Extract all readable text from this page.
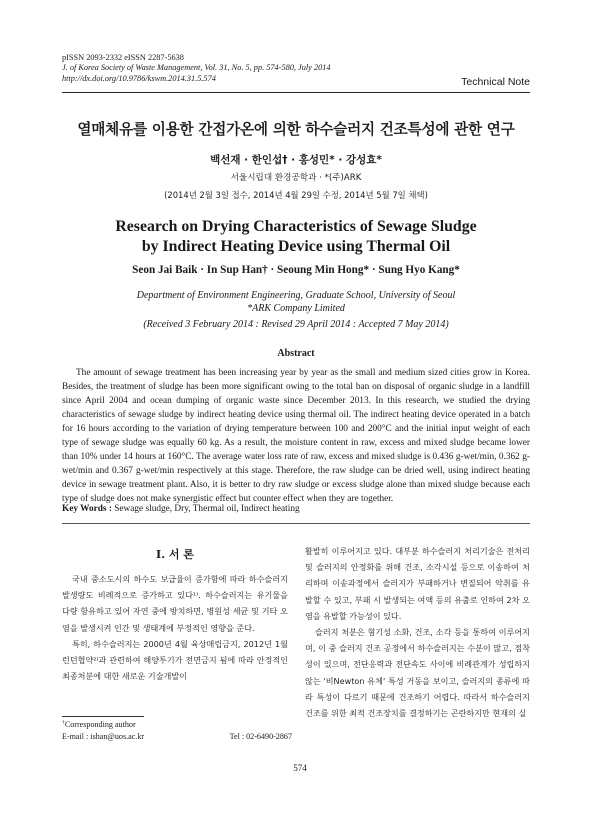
pISSN 2093-2332 eISSN 2287-5638
J. of Korea Society of Waste Management, Vol. 31, No. 5, pp. 574-580, July 2014
http://dx.doi.org/10.9786/kswm.2014.31.5.574	Technical Note
열매체유를 이용한 간접가온에 의한 하수슬러지 건조특성에 관한 연구
백선재 · 한인섭† · 홍성민* · 강성효*
서울시립대 환경공학과 · *(주)ARK
(2014년 2월 3일 접수, 2014년 4월 29일 수정, 2014년 5월 7일 채택)
Research on Drying Characteristics of Sewage Sludge
by Indirect Heating Device using Thermal Oil
Seon Jai Baik · In Sup Han† · Seoung Min Hong* · Sung Hyo Kang*
Department of Environment Engineering, Graduate School, University of Seoul
*ARK Company Limited
(Received 3 February 2014 : Revised 29 April 2014 : Accepted 7 May 2014)
Abstract
The amount of sewage treatment has been increasing year by year as the small and medium sized cities grow in Korea. Besides, the treatment of sludge has been more significant owing to the total ban on disposal of organic sludge in a landfill since April 2004 and ocean dumping of organic waste since December 2013. In this research, we studied the drying characteristics of sewage sludge by indirect heating device using thermal oil. The indirect heating device operated in a batch for 16 hours according to the variation of drying temperature between 100 and 200°C and the initial input weight of each type of sewage sludge was equally 60 kg. As a result, the moisture content in raw, excess and mixed sludge became lower than 10% under 14 hours at 160°C. The average water loss rate of raw, excess and mixed sludge is 0.436 g-wet/min, 0.362 g-wet/min and 0.367 g-wet/min respectively at this stage. Therefore, the raw sludge can be dried well, using indirect heating device in sewage treatment plant. Also, it is better to dry raw sludge or excess sludge alone than mixed sludge because each type of sludge does not make synergistic effect but counter effect when they are together.
Key Words : Sewage sludge, Dry, Thermal oil, Indirect heating
I. 서 론

국내 중소도시의 하수도 보급율이 증가함에 따라 하수슬러지 발생량도 비례적으로 증가하고 있다¹⁾. 하수슬러지는 유기물을 다량 함유하고 있어 자연 중에 방치하면, 병원성 세균 및 기타 오염을 발생시켜 인간 및 생태계에 부정적인 영향을 준다.

특히, 하수슬러지는 2000년 4월 육상매립금지, 2012년 1월 런던협약²⁾과 관련하여 해양투기가 전면금지 됨에 따라 안정적인 최종처분에 대한 새로운 기술개발이

활발히 이루어지고 있다. 대부분 하수슬러지 처리기술은 전처리 및 슬러지의 안정화를 위해 건조, 소각시설 등으로 이송하여 처리하며 이송과정에서 슬러지가 부패하거나 변질되어 악취를 유발할 수 있고, 부패 시 발생되는 여액 등의 유출로 인하여 2차 오염을 유발할 가능성이 있다.

슬러지 처분은 혐기성 소화, 건조, 소각 등을 통하여 이루어지며, 이 중 슬러지 건조 공정에서 하수슬러지는 수분이 많고, 점착성이 있으며, 전단응력과 전단속도 사이에 비례관계가 성립하지 않는 '비Newton 유체' 특성 거동을 보이고, 슬러지의 종류에 따라 특성이 다르기 때문에 건조하기 어렵다. 따라서 하수슬러지 건조를 위한 최적 건조장치를 결정하기는 곤란하지만 현재의 실

†Corresponding author
E-mail : ishan@uos.ac.kr	Tel : 02-6490-2867
574
